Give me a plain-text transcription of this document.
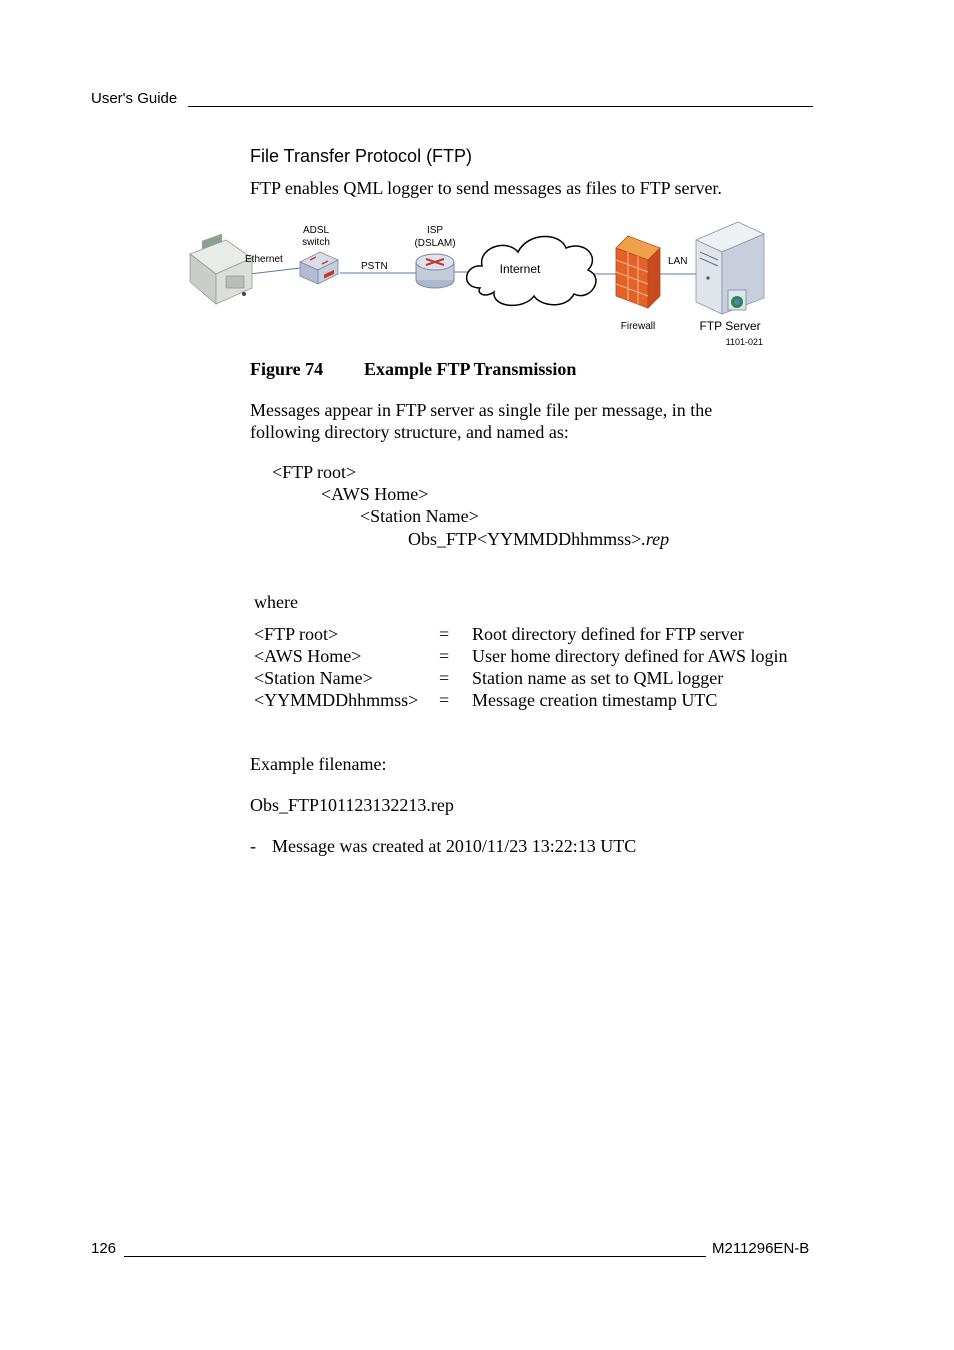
User's Guide
File Transfer Protocol (FTP)
FTP enables QML logger to send messages as files to FTP server.
Ethernet
ADSL
switch
PSTN
ISP
(DSLAM)
Internet
LAN
Firewall	FTP Server
1101-021
Figure 74 Example FTP Transmission
Messages appear in FTP server as single file per message, in the
following directory structure, and named as:
<FTP root>
<AWS Home>
<Station Name>
Obs_FTP<YYMMDDhhmmss>.rep
where
<FTP root>	= Root directory defined for FTP server
<AWS Home>	= User home directory defined for AWS login
<Station Name>	= Station name as set to QML logger
<YYMMDDhhmmss> = Message creation timestamp UTC
Example filename:
Obs_FTP101123132213.rep
- Message was created at 2010/11/23 13:22:13 UTC
126	M211296EN-B
